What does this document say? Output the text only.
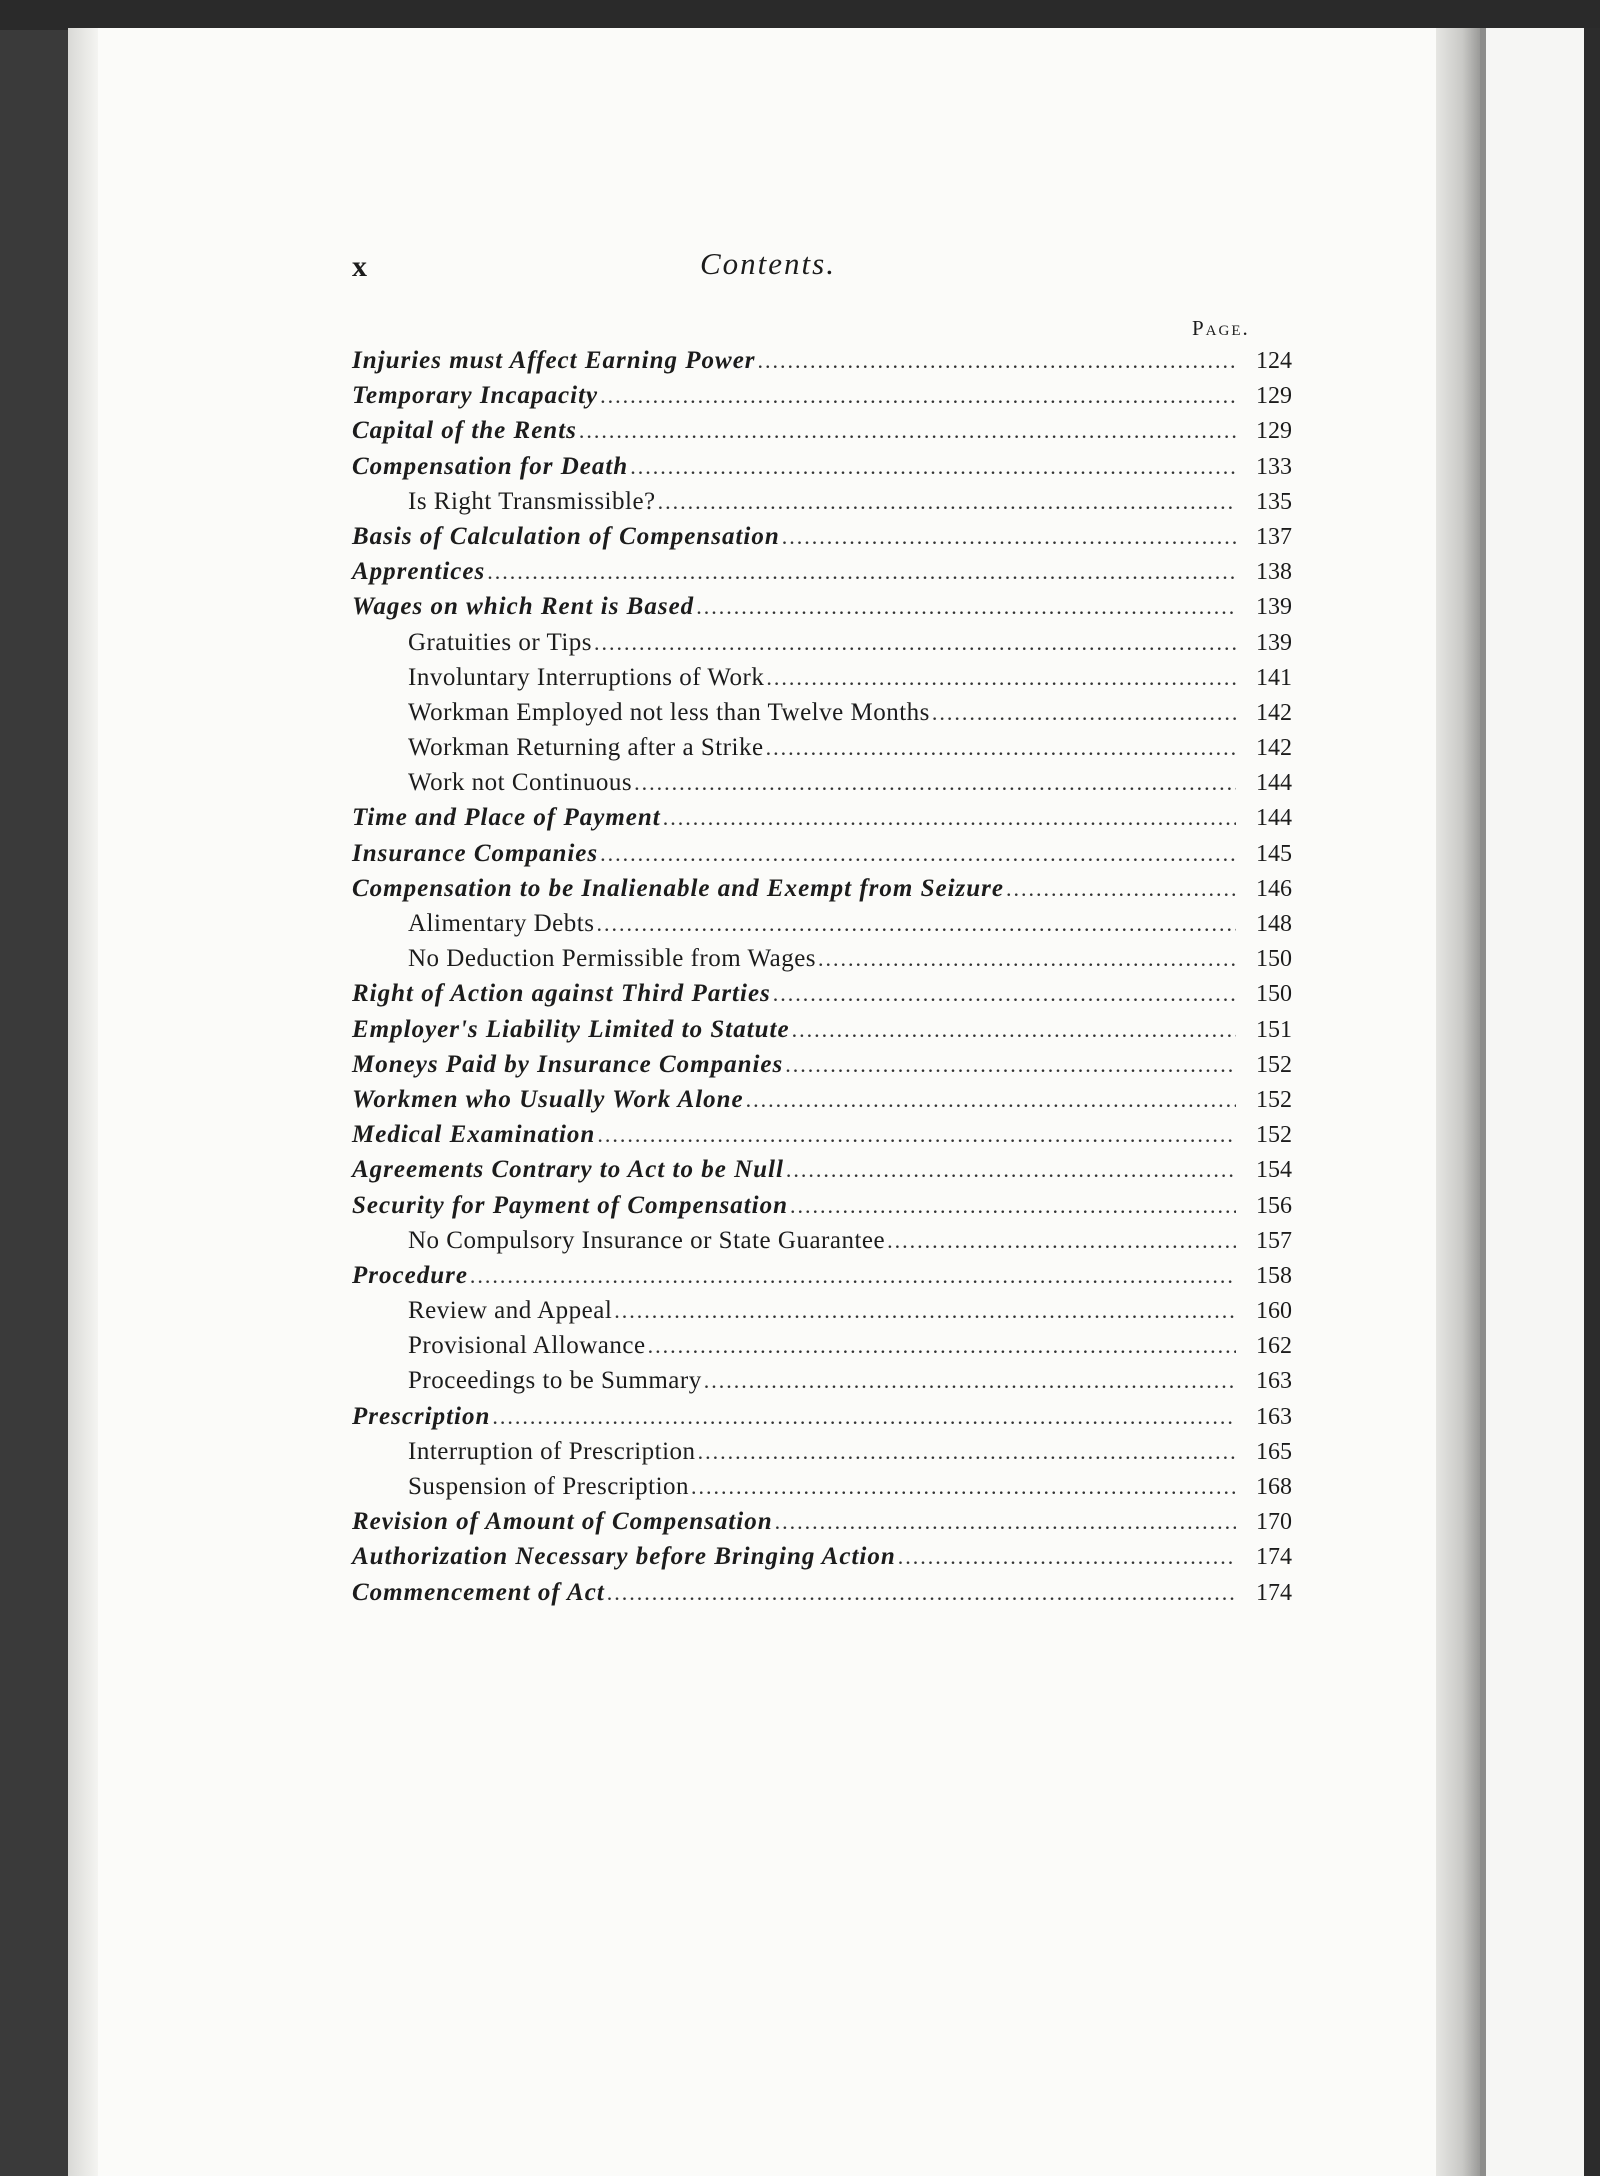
x	Contents.
Page.
Injuries must Affect Earning Power .....	124
Temporary Incapacity .....	129
Capital of the Rents .....	129
Compensation for Death .....	133
Is Right Transmissible? .....	135
Basis of Calculation of Compensation .....	137
Apprentices .....	138
Wages on which Rent is Based .....	139
Gratuities or Tips .....	139
Involuntary Interruptions of Work .....	141
Workman Employed not less than Twelve Months .....	142
Workman Returning after a Strike .....	142
Work not Continuous .....	144
Time and Place of Payment .....	144
Insurance Companies .....	145
Compensation to be Inalienable and Exempt from Seizure .....	146
Alimentary Debts .....	148
No Deduction Permissible from Wages .....	150
Right of Action against Third Parties .....	150
Employer's Liability Limited to Statute .....	151
Moneys Paid by Insurance Companies .....	152
Workmen who Usually Work Alone .....	152
Medical Examination .....	152
Agreements Contrary to Act to be Null .....	154
Security for Payment of Compensation .....	156
No Compulsory Insurance or State Guarantee .....	157
Procedure .....	158
Review and Appeal .....	160
Provisional Allowance .....	162
Proceedings to be Summary .....	163
Prescription .....	163
Interruption of Prescription .....	165
Suspension of Prescription .....	168
Revision of Amount of Compensation .....	170
Authorization Necessary before Bringing Action .....	174
Commencement of Act .....	174
